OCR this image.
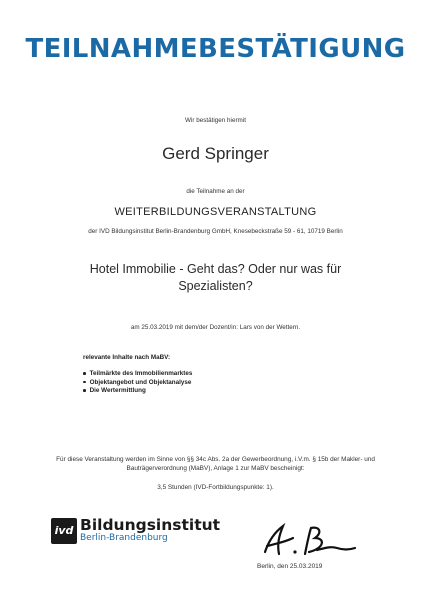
TEILNAHMEBESTÄTIGUNG
Wir bestätigen hiermit
Gerd Springer
die Teilnahme an der
WEITERBILDUNGSVERANSTALTUNG
der IVD Bildungsinstitut Berlin-Brandenburg GmbH, Knesebeckstraße 59 - 61, 10719 Berlin
Hotel Immobilie - Geht das? Oder nur was für
Spezialisten?
am 25.03.2019 mit dem/der Dozent/in: Lars von der Wettern.
relevante Inhalte nach MaBV:
Teilmärkte des Immobilienmarktes
Objektangebot und Objektanalyse
Die Wertermittlung
Für diese Veranstaltung werden im Sinne von §§ 34c Abs. 2a der Gewerbeordnung, i.V.m. § 15b der Makler- und
Bauträgerverordnung (MaBV), Anlage 1 zur MaBV bescheinigt:
3,5 Stunden (IVD-Fortbildungspunkte: 1).
ivd Bildungsinstitut
Berlin-Brandenburg
Berlin, den 25.03.2019
